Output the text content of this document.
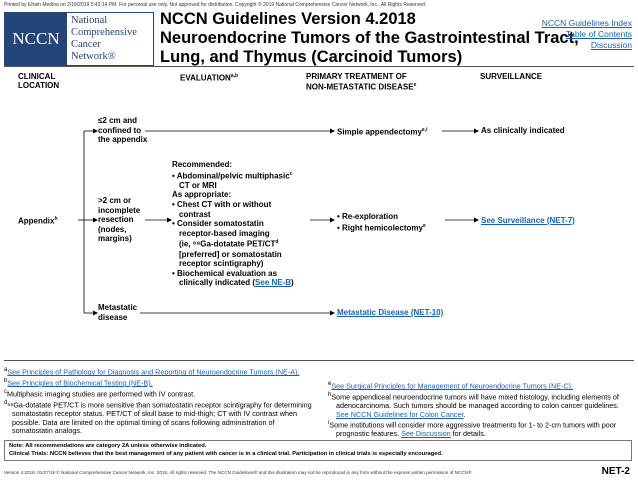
Printed by Efrain Medina on 2/18/2019 5:43:14 PM. For personal use only. Not approved for distribution. Copyright © 2019 National Comprehensive Cancer Network, Inc., All Rights Reserved.
NCCN
National
Comprehensive
Cancer
Network®
NCCN Guidelines Version 4.2018
Neuroendocrine Tumors of the Gastrointestinal Tract,
Lung, and Thymus (Carcinoid Tumors)
NCCN Guidelines Index
Table of Contents
Discussion
CLINICAL
LOCATION
EVALUATION$^{a,b}$	PRIMARY TREATMENT OF
NON-METASTATIC DISEASE$^e$
SURVEILLANCE
Appendix$^h$
≤2 cm and
confined to
the appendix
>2 cm or
incomplete
resection
(nodes,
margins)
Metastatic
disease
Recommended:
• Abdominal/pelvic multiphasic$^c$
CT or MRI
As appropriate:
• Chest CT with or without
contrast
• Consider somatostatin
receptor-based imaging
(ie, ⁶⁸Ga-dotatate PET/$CT^d$
[preferred] or somatostatin
receptor scintigraphy)
• Biochemical evaluation as
clinically indicated (See NE-B)
Simple appendectomy$^{e,i}$	As clinically indicated
• Re-exploration
• Right hemicolectomy$^e$
See Surveillance (NET-7)
Metastatic Disease (NET-10)

$^a$See Principles of Pathology for Diagnosis and Reporting of Neuroendocrine Tumors (NE-A).

$^b$See Principles of Biochemical Testing (NE-B).

$^c$Multiphasic imaging studies are performed with IV contrast.

$^d$⁶⁸Ga-dotatate PET/CT is more sensitive than somatostatin receptor scintigraphy for determining somatostatin receptor status. PET/CT of skull base to mid-thigh; CT with IV contrast when possible. Data are limited on the optimal timing of scans following administration of somatostatin analogs.

$^e$See Surgical Principles for Management of Neuroendocrine Tumors (NE-C).

$^h$Some appendiceal neuroendocrine tumors will have mixed histology, including elements of adenocarcinoma. Such tumors should be managed according to colon cancer guidelines. See NCCN Guidelines for Colon Cancer.

$^i$Some institutions will consider more aggressive treatments for 1- to 2-cm tumors with poor prognostic features. See Discussion for details.

Note: All recommendations are category 2A unless otherwise indicated.
Clinical Trials: NCCN believes that the best management of any patient with cancer is in a clinical trial. Participation in clinical trials is especially encouraged.
Version 4.2018, 01/27/19 © National Comprehensive Cancer Network, Inc. 2019, All rights reserved. The NCCN Guidelines® and this illustration may not be reproduced in any form without the express written permission of NCCN®.	NET-2
